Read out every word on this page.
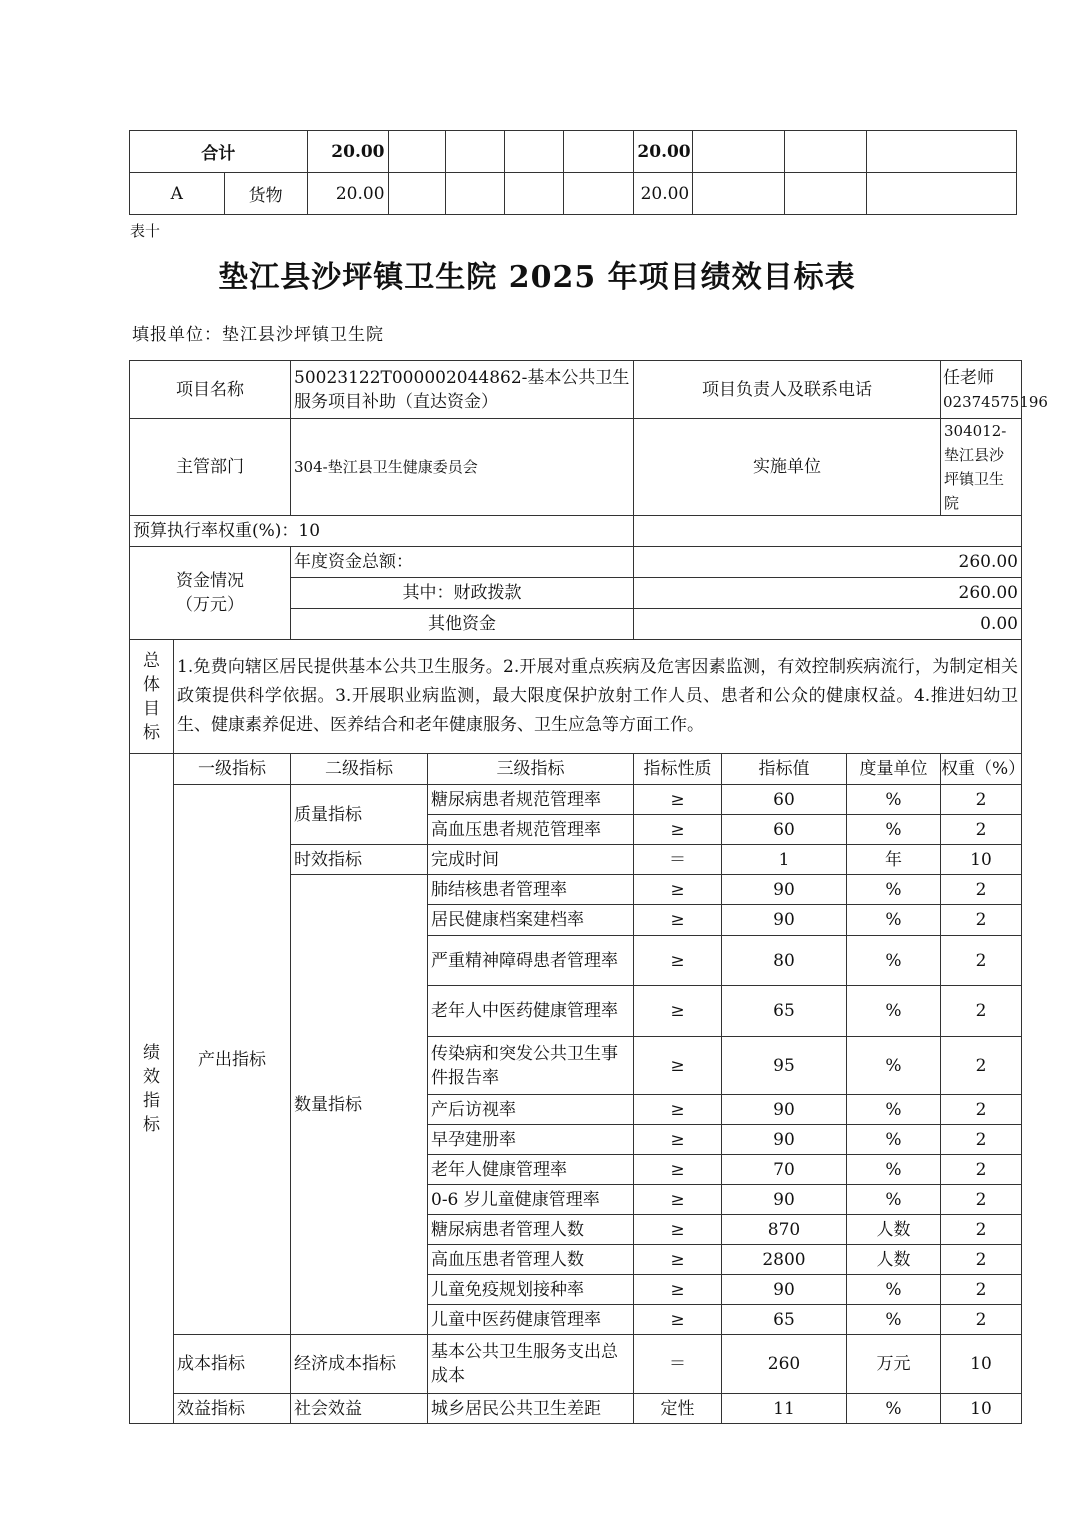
合计		20.00					20.00			
A	货物	20.00					20.00			
表十
垫江县沙坪镇卫生院 2025 年项目绩效目标表
填报单位：垫江县沙坪镇卫生院
项目名称		50023122T000002044862-基本公共卫生服务项目补助（直达资金）		项目负责人及联系电话			任老师
02374575196

主管部门		304-垫江县卫生健康委员会		实施单位			304012-垫江县沙坪镇卫生院
预算执行率权重(%)：10							
资金情况（万元）		年度资金总额：		260.00			
		其中：财政拨款		260.00			
		其他资金		0.00			

总
体
目
标	1.免费向辖区居民提供基本公共卫生服务。2.开展对重点疾病及危害因素监测，有效控制疾病流行，为制定相关政策提供科学依据。3.开展职业病监测，最大限度保护放射工作人员、患者和公众的健康权益。4.推进妇幼卫生、健康素养促进、医养结合和老年健康服务、卫生应急等方面工作。						

绩
效
指
标	一级指标	二级指标	三级指标	指标性质	指标值	度量单位	权重（%）
	产出指标	质量指标	糖尿病患者规范管理率	≥	60	%	2
			高血压患者规范管理率	≥	60	%	2
		时效指标	完成时间	＝	1	年	10
		数量指标	肺结核患者管理率	≥	90	%	2
			居民健康档案建档率	≥	90	%	2
			严重精神障碍患者管理率	≥	80	%	2
			老年人中医药健康管理率	≥	65	%	2
			传染病和突发公共卫生事件报告率	≥	95	%	2
			产后访视率	≥	90	%	2
			早孕建册率	≥	90	%	2
			老年人健康管理率	≥	70	%	2
			0-6 岁儿童健康管理率	≥	90	%	2
			糖尿病患者管理人数	≥	870	人数	2
			高血压患者管理人数	≥	2800	人数	2
			儿童免疫规划接种率	≥	90	%	2
			儿童中医药健康管理率	≥	65	%	2
	成本指标	经济成本指标	基本公共卫生服务支出总成本	＝	260	万元	10
	效益指标	社会效益	城乡居民公共卫生差距	定性	11	%	10
